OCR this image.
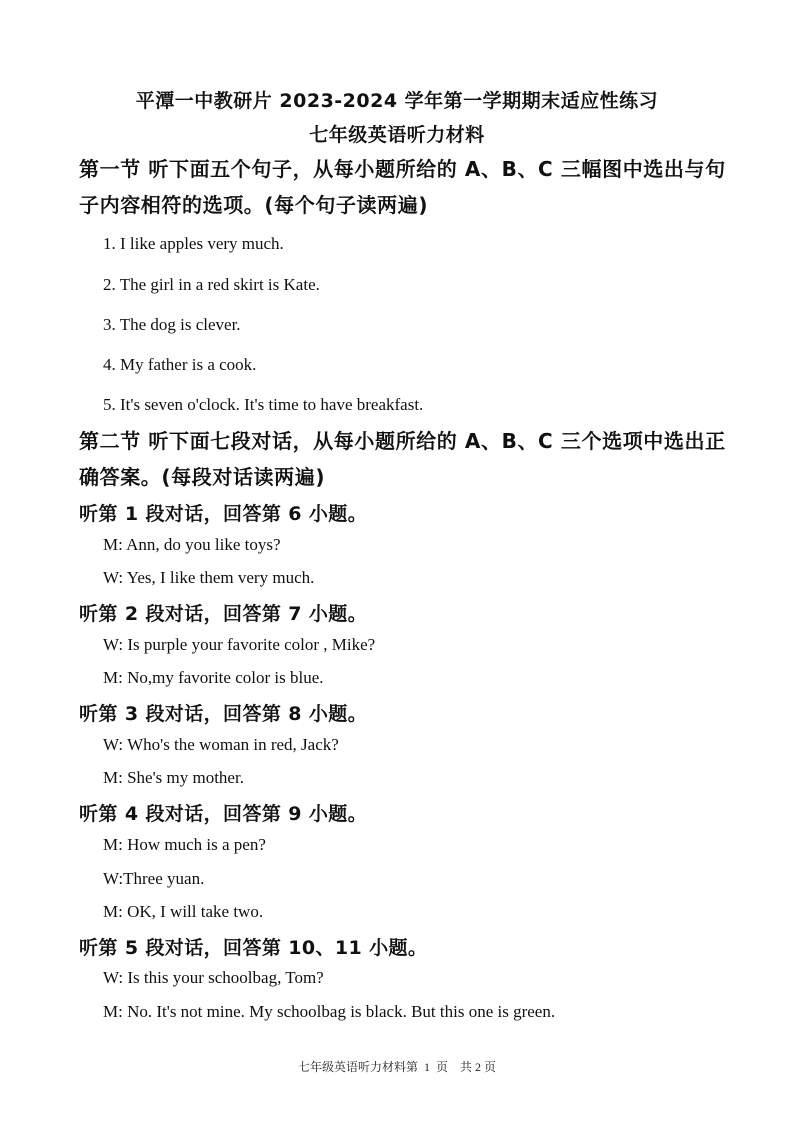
平潭一中教研片 2023-2024 学年第一学期期末适应性练习
七年级英语听力材料
第一节 听下面五个句子，从每小题所给的 A、B、C 三幅图中选出与句子内容相符的选项。(每个句子读两遍)
1. I like apples very much.
2. The girl in a red skirt is Kate.
3. The dog is clever.
4. My father is a cook.
5. It's seven o'clock. It's time to have breakfast.
第二节 听下面七段对话，从每小题所给的 A、B、C 三个选项中选出正确答案。(每段对话读两遍)
听第 1 段对话，回答第 6 小题。
M: Ann, do you like toys?
W: Yes, I like them very much.
听第 2 段对话，回答第 7 小题。
W: Is purple your favorite color , Mike?
M: No,my favorite color is blue.
听第 3 段对话，回答第 8 小题。
W: Who's the woman in red, Jack?
M: She's my mother.
听第 4 段对话，回答第 9 小题。
M: How much is a pen?
W:Three yuan.
M: OK, I will take two.
听第 5 段对话，回答第 10、11 小题。
W: Is this your schoolbag, Tom?
M: No. It's not mine. My schoolbag is black. But this one is green.
七年级英语听力材料第  1  页    共 2 页
